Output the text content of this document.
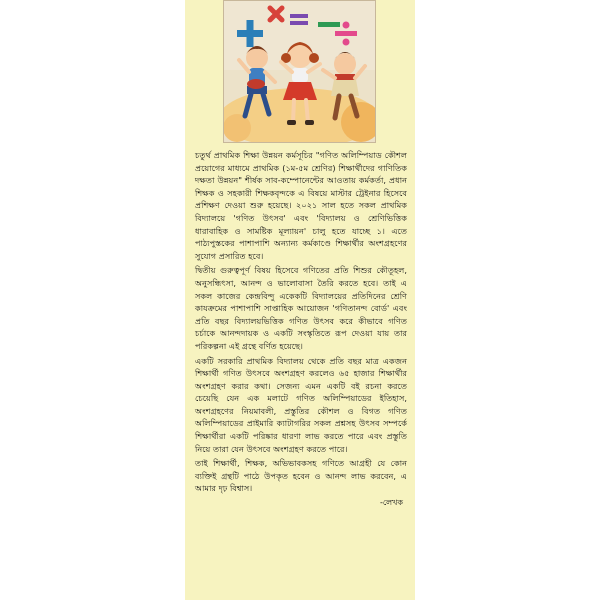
চতুর্থ প্রাথমিক শিক্ষা উন্নয়ন কর্মসূচির "গণিত অলিম্পিয়াড কৌশল প্রয়োগের মাধ্যমে প্রাথমিক (১ম-৫ম শ্রেণির) শিক্ষার্থীদের গাণিতিক দক্ষতা উন্নয়ন" শীর্ষক সাব-কম্পোনেন্টের আওতায় কর্মকর্তা, প্রধান শিক্ষক ও সহকারী শিক্ষকবৃন্দকে এ বিষয়ে মাস্টার ট্রেইনার হিসেবে প্রশিক্ষণ দেওয়া শুরু হয়েছে। ২০২১ সাল হতে সকল প্রাথমিক বিদ্যালয়ে 'গণিত উৎসব' এবং 'বিদ্যালয় ও শ্রেণিভিত্তিক ধারাবাহিক ও সামষ্টিক মূল্যায়ন' চালু হতে যাচ্ছে ১। এতে পাঠ্যপুস্তকের পাশাপাশি অন্যান্য কর্মকাণ্ডে শিক্ষার্থীর অংশগ্রহণের সুযোগ প্রসারিত হবে।

দ্বিতীয় গুরুত্বপূর্ণ বিষয় হিসেবে গণিতের প্রতি শিশুর কৌতূহল, অনুসন্ধিৎসা, আনন্দ ও ভালোবাসা তৈরি করতে হবে। তাই এ সকল কাজের কেন্দ্রবিন্দু একেকটি বিদ্যালয়ের প্রতিদিনের শ্রেণি কাযক্রমের পাশাপাশি সাপ্তাহিক আয়োজন 'গণিতানন্দ বোর্ড' এবং প্রতি বছর বিদ্যালয়ভিত্তিক গণিত উৎসব করে কীভাবে গণিত চর্চাকে আনন্দদায়ক ও একটি সংস্কৃতিতে রূপ দেওয়া যায় তার পরিকল্পনা এই গ্রন্থে বর্ণিত হয়েছে।

একটি সরকারি প্রাথমিক বিদ্যালয় থেকে প্রতি বছর মাত্র একজন শিক্ষার্থী গণিত উৎসবে অংশগ্রহণ করলেও ৬৫ হাজার শিক্ষার্থীর অংশগ্রহণ করার কথা। সেজন্য এমন একটি বই রচনা করতে চেয়েছি যেন এক মলাটে গণিত অলিম্পিয়াডের ইতিহাস, অংশগ্রহণের নিয়মাবলী, প্রস্তুতির কৌশল ও বিগত গণিত অলিম্পিয়াডের প্রাইমারি ক্যাটাগরির সকল প্রশ্নসহ উৎসব সম্পর্কে শিক্ষার্থীরা একটি পরিষ্কার ধারণা লাভ করতে পারে এবং প্রস্তুতি নিয়ে তারা যেন উৎসবে অংশগ্রহণ করতে পারে।

তাই শিক্ষার্থী, শিক্ষক, অভিভাবকসহ গণিতে আগ্রহী যে কোন ব্যক্তিই গ্রন্থটি পাঠে উপকৃত হবেন ও আনন্দ লাভ করবেন, এ আমার দৃঢ় বিশ্বাস।

-লেখক
